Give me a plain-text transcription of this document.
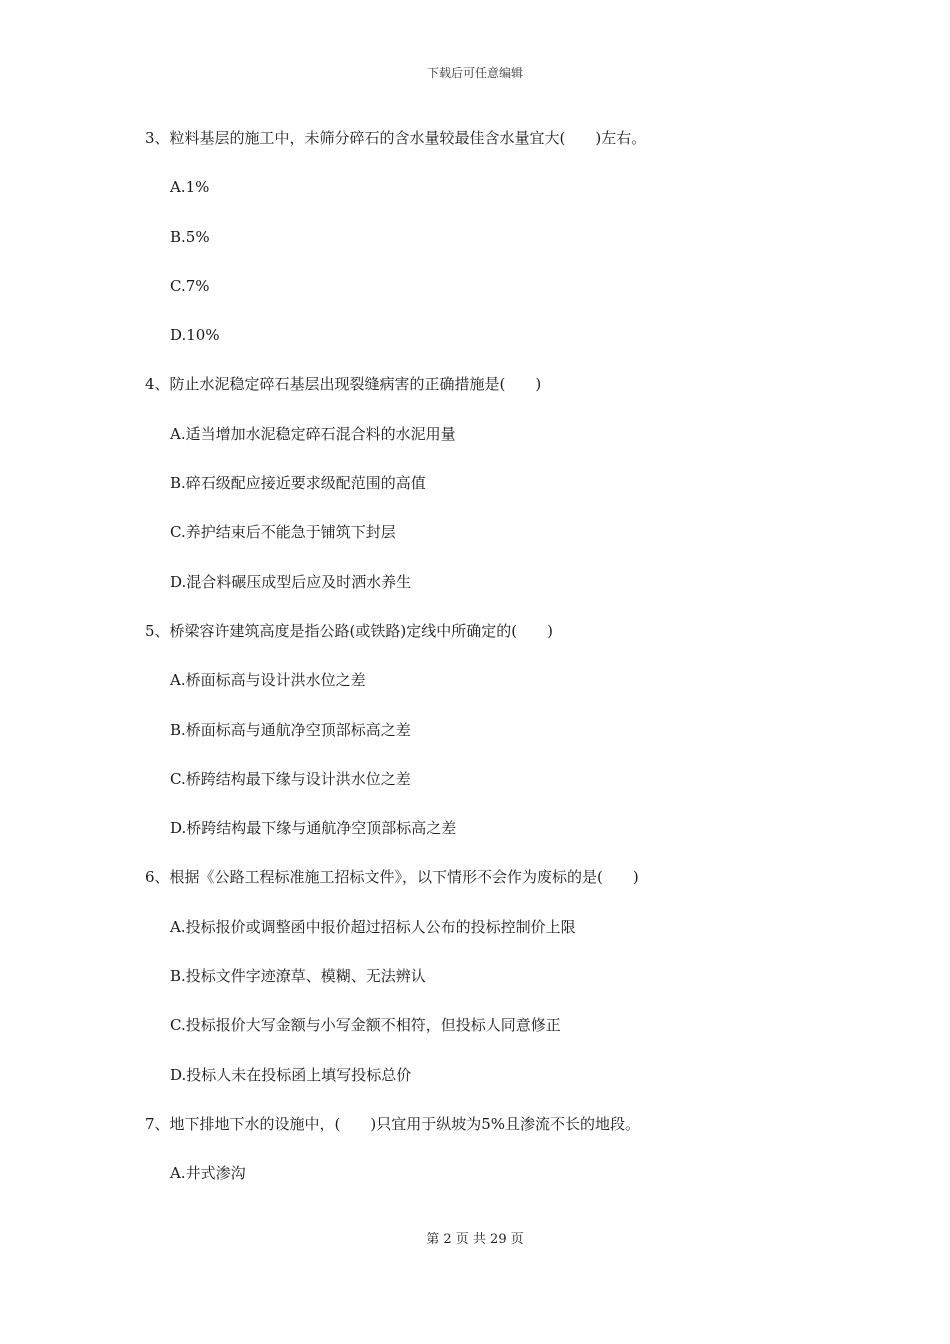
下载后可任意编辑
3、粒料基层的施工中，未筛分碎石的含水量较最佳含水量宜大(　　)左右。
A.1%
B.5%
C.7%
D.10%
4、防止水泥稳定碎石基层出现裂缝病害的正确措施是(　　)
A.适当增加水泥稳定碎石混合料的水泥用量
B.碎石级配应接近要求级配范围的高值
C.养护结束后不能急于铺筑下封层
D.混合料碾压成型后应及时洒水养生
5、桥梁容许建筑高度是指公路(或铁路)定线中所确定的(　　)
A.桥面标高与设计洪水位之差
B.桥面标高与通航净空顶部标高之差
C.桥跨结构最下缘与设计洪水位之差
D.桥跨结构最下缘与通航净空顶部标高之差
6、根据《公路工程标准施工招标文件》，以下情形不会作为废标的是(　　)
A.投标报价或调整函中报价超过招标人公布的投标控制价上限
B.投标文件字迹潦草、模糊、无法辨认
C.投标报价大写金额与小写金额不相符，但投标人同意修正
D.投标人未在投标函上填写投标总价
7、地下排地下水的设施中，(　　)只宜用于纵坡为5%且渗流不长的地段。
A.井式渗沟
第 2 页 共 29 页
